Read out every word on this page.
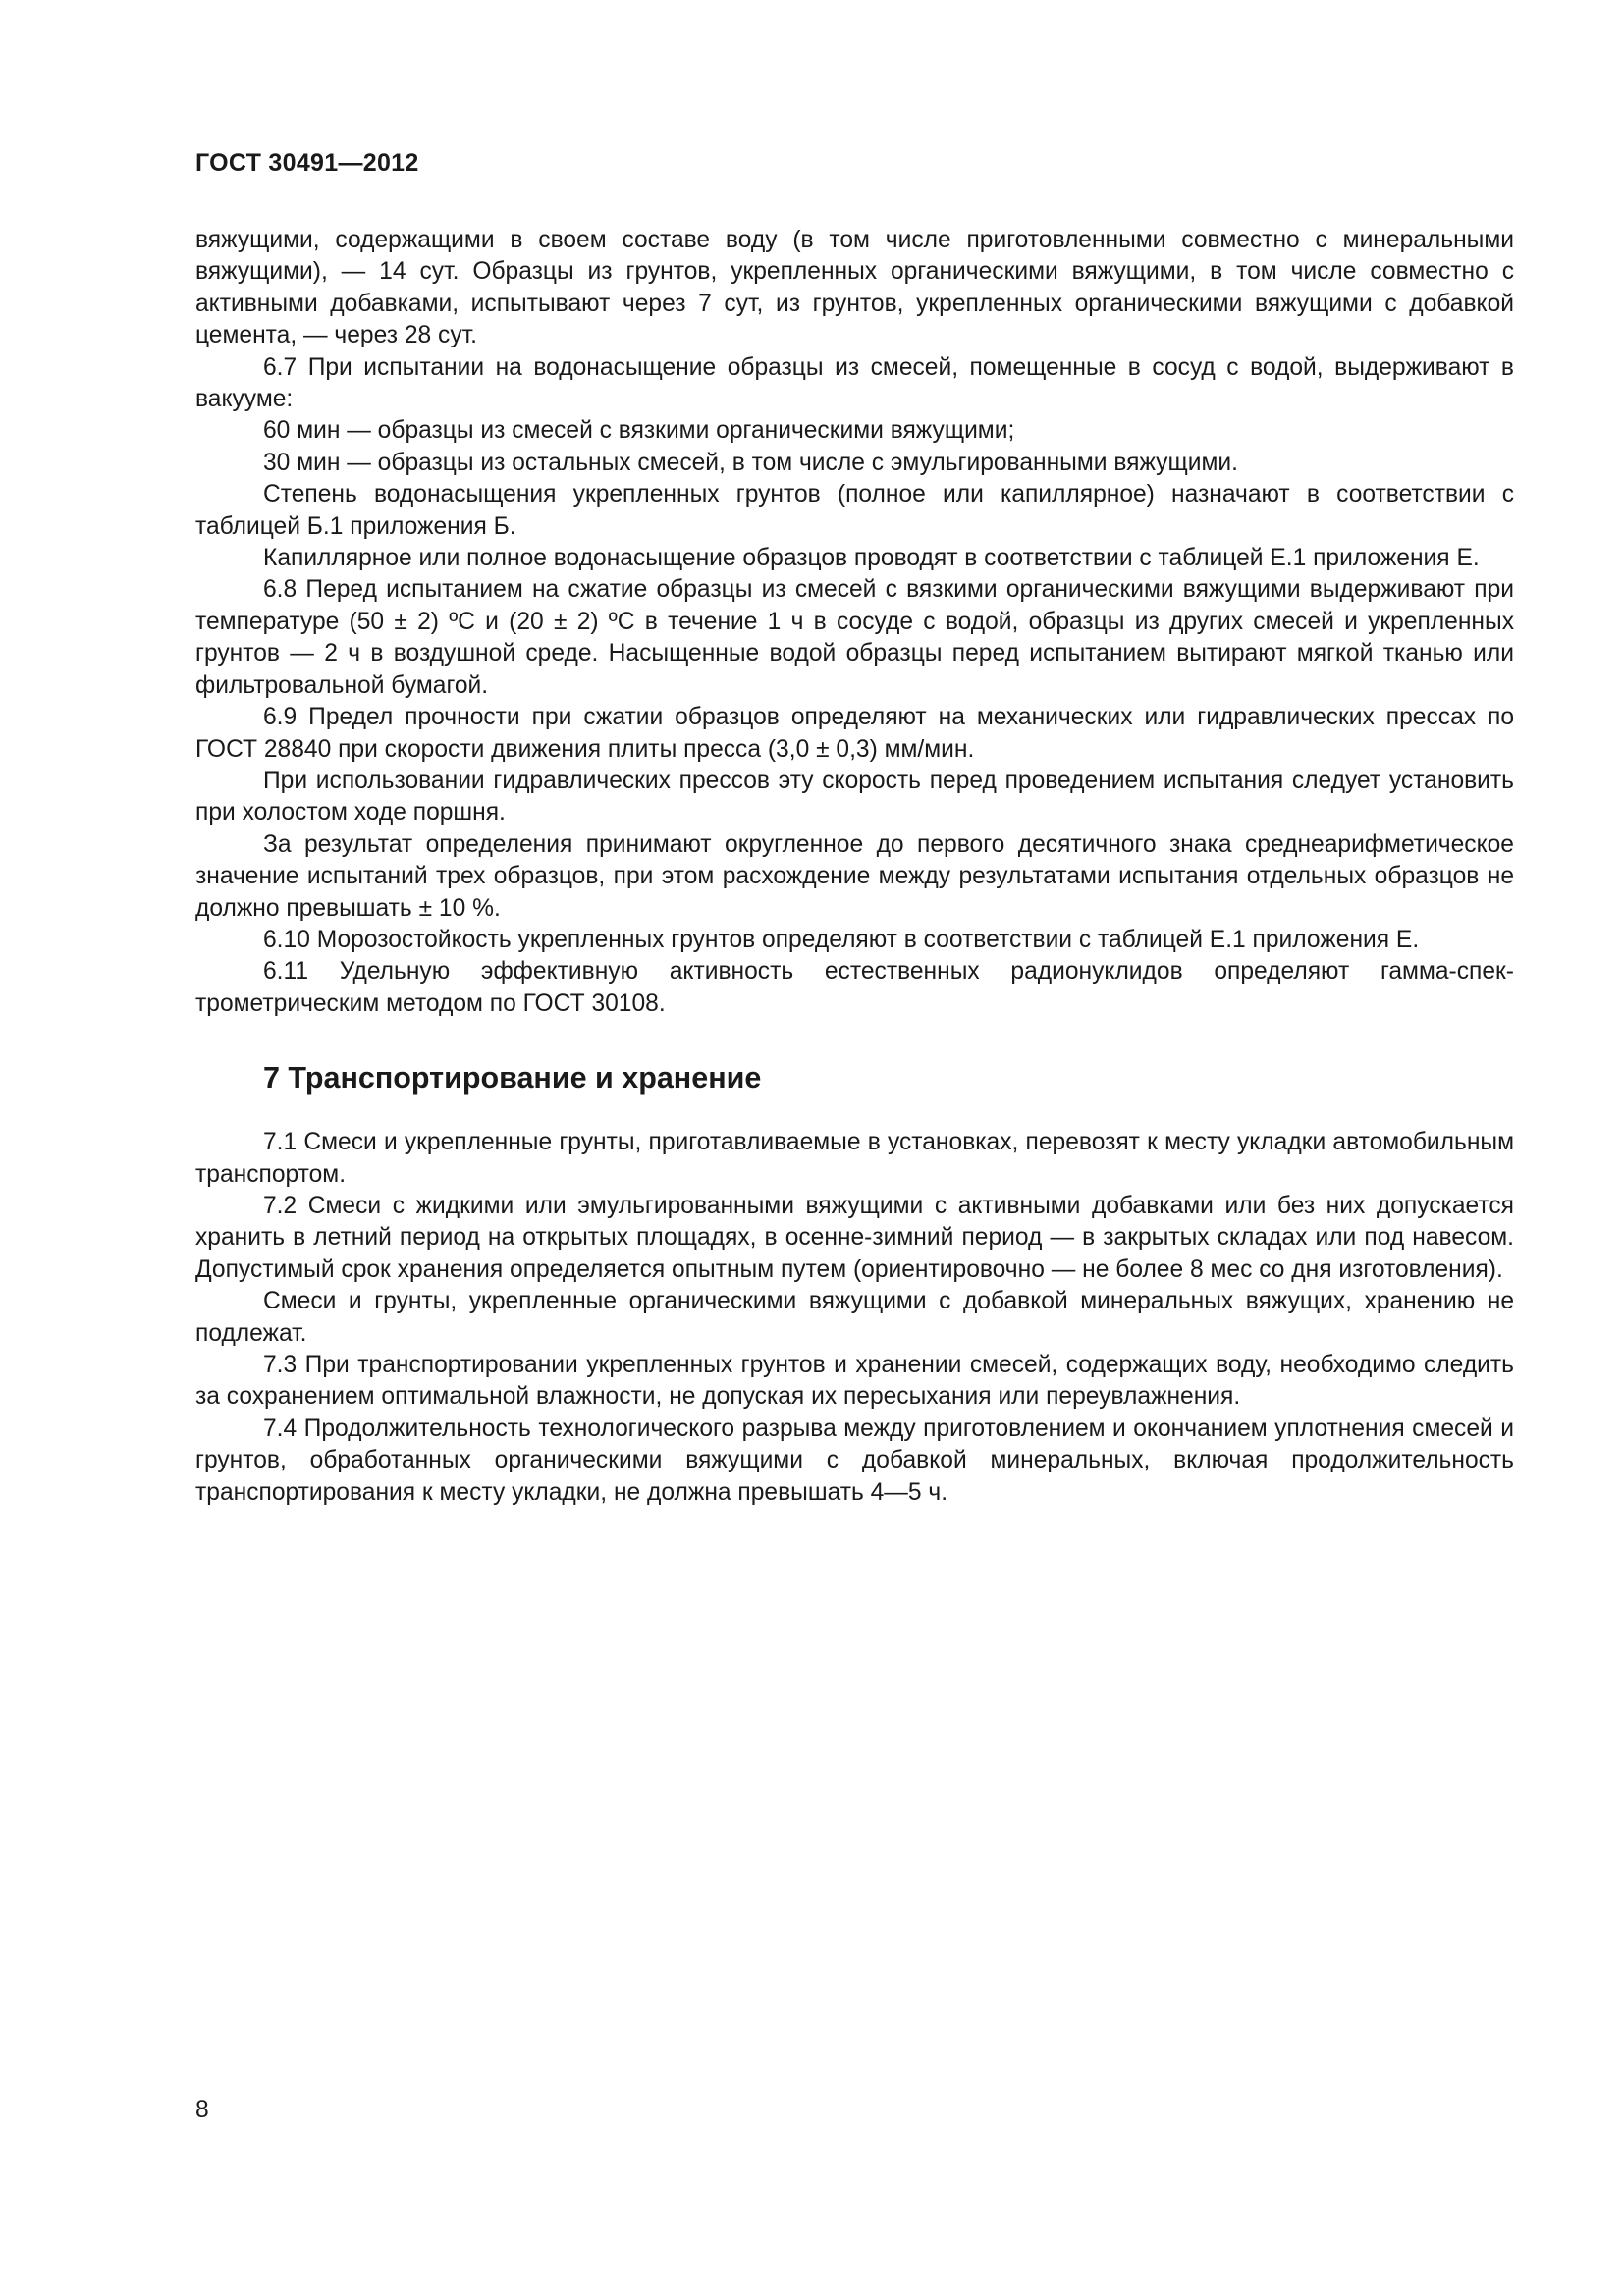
ГОСТ 30491—2012

вяжущими, содержащими в своем составе воду (в том числе приготовленными совместно с минеральными вяжущими), — 14 сут. Образцы из грунтов, укрепленных органическими вяжущими, в том числе совместно с активными добавками, испытывают через 7 сут, из грунтов, укрепленных органическими вяжущими с добавкой цемента, — через 28 сут.

6.7 При испытании на водонасыщение образцы из смесей, помещенные в сосуд с водой, выдерживают в вакууме:

60 мин — образцы из смесей с вязкими органическими вяжущими;

30 мин — образцы из остальных смесей, в том числе с эмульгированными вяжущими.

Степень водонасыщения укрепленных грунтов (полное или капиллярное) назначают в соответствии с таблицей Б.1 приложения Б.

Капиллярное или полное водонасыщение образцов проводят в соответствии с таблицей Е.1 приложения Е.

6.8 Перед испытанием на сжатие образцы из смесей с вязкими органическими вяжущими выдерживают при температуре (50 ± 2) ºС и (20 ± 2) ºС в течение 1 ч в сосуде с водой, образцы из других смесей и укрепленных грунтов — 2 ч в воздушной среде. Насыщенные водой образцы перед испытанием вытирают мягкой тканью или фильтровальной бумагой.

6.9 Предел прочности при сжатии образцов определяют на механических или гидравлических прессах по ГОСТ 28840 при скорости движения плиты пресса (3,0 ± 0,3) мм/мин.

При использовании гидравлических прессов эту скорость перед проведением испытания следует установить при холостом ходе поршня.

За результат определения принимают округленное до первого десятичного знака среднеарифметическое значение испытаний трех образцов, при этом расхождение между результатами испытания отдельных образцов не должно превышать ± 10 %.

6.10 Морозостойкость укрепленных грунтов определяют в соответствии с таблицей Е.1 приложения Е.

6.11 Удельную эффективную активность естественных радионуклидов определяют гамма-спектрометрическим методом по ГОСТ 30108.

7 Транспортирование и хранение

7.1 Смеси и укрепленные грунты, приготавливаемые в установках, перевозят к месту укладки автомобильным транспортом.

7.2 Смеси с жидкими или эмульгированными вяжущими с активными добавками или без них допускается хранить в летний период на открытых площадях, в осенне-зимний период — в закрытых складах или под навесом. Допустимый срок хранения определяется опытным путем (ориентировочно — не более 8 мес со дня изготовления).

Смеси и грунты, укрепленные органическими вяжущими с добавкой минеральных вяжущих, хранению не подлежат.

7.3 При транспортировании укрепленных грунтов и хранении смесей, содержащих воду, необходимо следить за сохранением оптимальной влажности, не допуская их пересыхания или переувлажнения.

7.4 Продолжительность технологического разрыва между приготовлением и окончанием уплотнения смесей и грунтов, обработанных органическими вяжущими с добавкой минеральных, включая продолжительность транспортирования к месту укладки, не должна превышать 4—5 ч.

8
